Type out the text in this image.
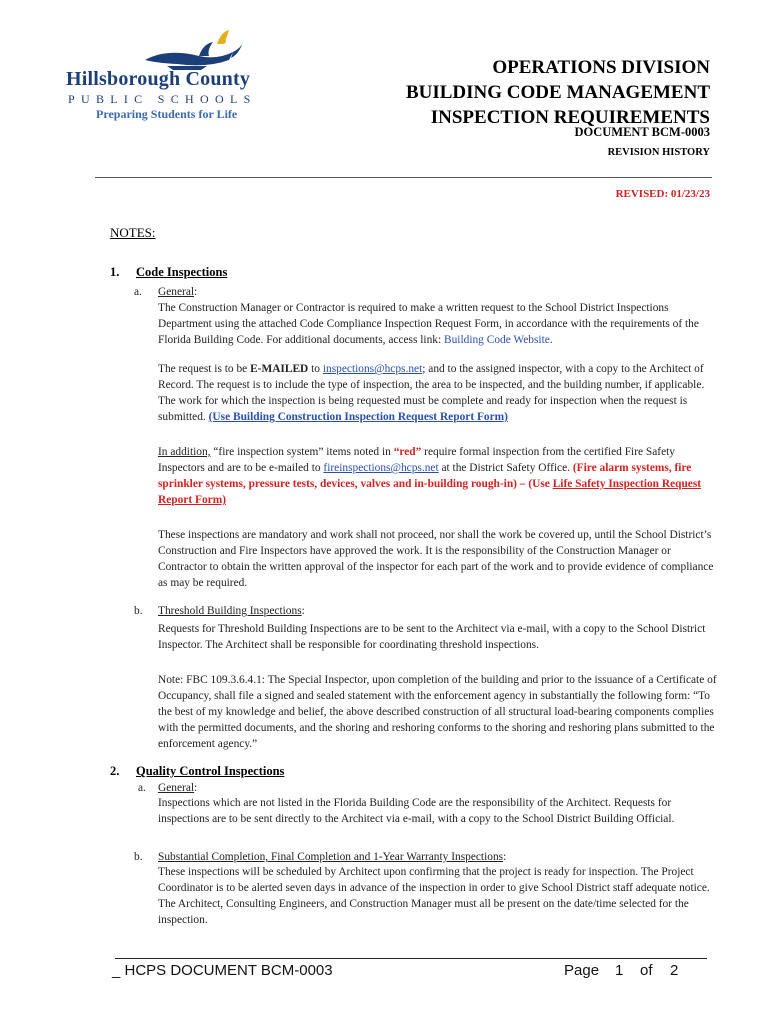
Hillsborough County
PUBLIC SCHOOLS
Preparing Students for Life
OPERATIONS DIVISION
BUILDING CODE MANAGEMENT
INSPECTION REQUIREMENTS
DOCUMENT BCM-0003
REVISION HISTORY
REVISED: 01/23/23
NOTES:
1. Code Inspections
a. General:
The Construction Manager or Contractor is required to make a written request to the School District Inspections Department using the attached Code Compliance Inspection Request Form, in accordance with the requirements of the Florida Building Code. For additional documents, access link: Building Code Website.
The request is to be E-MAILED to inspections@hcps.net; and to the assigned inspector, with a copy to the Architect of Record. The request is to include the type of inspection, the area to be inspected, and the building number, if applicable. The work for which the inspection is being requested must be complete and ready for inspection when the request is submitted. (Use Building Construction Inspection Request Report Form)
In addition, “fire inspection system” items noted in “red” require formal inspection from the certified Fire Safety Inspectors and are to be e-mailed to fireinspections@hcps.net at the District Safety Office. (Fire alarm systems, fire sprinkler systems, pressure tests, devices, valves and in-building rough-in) – (Use Life Safety Inspection Request Report Form)
These inspections are mandatory and work shall not proceed, nor shall the work be covered up, until the School District’s Construction and Fire Inspectors have approved the work. It is the responsibility of the Construction Manager or Contractor to obtain the written approval of the inspector for each part of the work and to provide evidence of compliance as may be required.
b. Threshold Building Inspections:
Requests for Threshold Building Inspections are to be sent to the Architect via e-mail, with a copy to the School District Inspector. The Architect shall be responsible for coordinating threshold inspections.
Note: FBC 109.3.6.4.1: The Special Inspector, upon completion of the building and prior to the issuance of a Certificate of Occupancy, shall file a signed and sealed statement with the enforcement agency in substantially the following form: “To the best of my knowledge and belief, the above described construction of all structural load-bearing components complies with the permitted documents, and the shoring and reshoring conforms to the shoring and reshoring plans submitted to the enforcement agency.”
2. Quality Control Inspections
a. General:
Inspections which are not listed in the Florida Building Code are the responsibility of the Architect. Requests for inspections are to be sent directly to the Architect via e-mail, with a copy to the School District Building Official.
b. Substantial Completion, Final Completion and 1-Year Warranty Inspections:
These inspections will be scheduled by Architect upon confirming that the project is ready for inspection. The Project Coordinator is to be alerted seven days in advance of the inspection in order to give School District staff adequate notice. The Architect, Consulting Engineers, and Construction Manager must all be present on the date/time selected for the inspection.
_ HCPS DOCUMENT BCM-0003	Page 1 of 2
